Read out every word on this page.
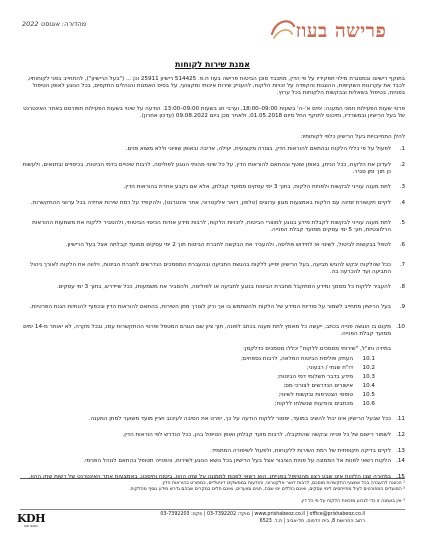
פרישה בעוז
מהדורה: אוגוסט 2022
אמנת שירות לקוחות
בתוקף רישיונו ובמסגרת מילוי תפקידיו על פי הדין, מתכבד סוכן הביטוח פרישה בעוז ח.פ. 514425 רישיון 25911 וכן ... ("בעל הרישיון"), להתחייב בפני לקוחותיו, לכבד את עקרונות השקיפות, ההוגנות והקפדה על זכויות הלקוח, להעניק שירות איכותי ומקצועי, על בסיס האמנות והנהלים התקפים, בכל הנוגע לאופן הטיפול בפניות, בטיפול בשאלות ובבקשות הלקוחות בכל ערוץ.
פרטי שעות הפעילות וזמני המענה: ימים א'–ה' בשעות 09:00–18:00, וערבי חג בשעות 09:00–13:00. הודעה על שינוי בשעות הפעילות תפורסם באתר האינטרנט של בעל הרישיון ובמשרדיו, ותיכנס לתוקף החל מיום 01.05.2018, ולאחר מכן ביום 09.08.2022 (עדכון אחרון).
להלן התחייבויות בעל הרישיון כלפי לקוחותיו:
1.
לפעול על פי כללי הלקוח ובהתאם להוראות הדין, בצורה מקצועית, יעילה, אדיבה ובאופן שוויוני וללא משוא פנים.
2.
לעדכן את הלקוח, ככל הניתן, באופן שוטף ובהתאם להוראות הדין, על כל שינוי מהותי הנוגע לפוליסה, לרבות שינויים בדמי הביטוח, בכיסויים ובתנאים, ולעשות כן תוך זמן סביר.
3.
לתת מענה ענייני לבקשות ולפניות הלקוח, בתוך 3 ימי עסקים ממועד קבלתן, אלא אם נקבע אחרת בהוראות הדין.
4.
לקיים תקשורת זמינה עם הלקוח באמצעות מגוון ערוצים (טלפון, דואר אלקטרוני, אתר אינטרנט), ולהקפיד על רמת שירות אחידה בכל ערוצי ההתקשרות.
5.
לתת מענה ענייני לבקשות לקבלת מידע בנוגע למוצרי הביטוח, לזכויות הלקוח, לרבות מידע אודות הכיסוי הביטוחי, ולהסביר ללקוח את משמעות ההוראות הרלוונטיות, תוך 5 ימי עסקים ממועד קבלת הפנייה.
6.
לטפל בבקשות לביטול, לשינוי או לחידוש פוליסה, ולהעביר את הבקשה לחברת הביטוח תוך 2 ימי עסקים ממועד קבלתה אצל בעל הרישיון.
7.
ככל שהלקוח יבקש להגיש תביעה, בעל הרישיון יסייע ללקוח בהגשת התביעה ובהעברת המסמכים הנדרשים לחברת הביטוח, וילווה את הלקוח לאורך ניהול התביעה ועד להכרעה בה.
8.
להעביר ללקוח כל מסמך ומידע המתקבל מחברת הביטוח בנוגע לתביעה או לפוליסה, ולהסביר את משמעותו, ככל שיידרש, בתוך 3 ימי עסקים.
9.
בעל הרישיון מתחייב לשמור על סודיות המידע של הלקוח ולהשתמש בו אך ורק לצורך מתן השירות, בהתאם להוראות הדין ובכפוף להנחיות הגנת הפרטיות.
10.
מקום בו הוגשה פנייה בכתב, ייעשה כל מאמץ לתת מענה בכתב לפונה, תוך ציון שם הגורם המטפל ופרטי ההתקשרות עמו, ובכל מקרה, לא יאוחר מ-14 ימים ממועד קבלת הפנייה.
במידה וחו"ל, "שירותי מסמכים ללקוח" יכללו מסמכים כדלקמן:
10.1
העתק פוליסת הביטוח המלאה, לרבות נספחים;
10.2
דו"ח שנתי / רבעוני;
10.3
מידע בדבר תשלומי דמי הביטוח;
10.4
אישורים הנדרשים לצורכי מס;
10.5
טופסי הצטרפות ובקשות לשינוי;
10.6
מכתבים והודעות שנשלחו ללקוח;
11.
ככל שבעל הרישיון אינו יכול להשיב במועד, ימסור ללקוח הודעה על כך, יפרט את הסיבה לעיכוב ויציין מועד משוער למתן המענה.
12.
לשמור רישום של כל פנייה ובקשה שהתקבלו, לרבות מועד קבלתן ואופן הטיפול בהן, ככל הנדרש לפי הוראות הדין.
13.
לקיים בדיקה תקופתית של רמת השירות ללקוחות, ולפעול לשיפורה המתמיד.
14.
הלקוח רשאי לפנות אל הממונה על פניות הציבור אצל בעל הרישיון בכל נושא הנוגע לשירות, והפנייה תטופל בהתאם לנוהל הפנימי.
15.
במקרה שבו הלקוח אינו שבע רצון מהטיפול בפנייתו, הוא רשאי לפנות לממונה על שוק ההון, ביטוח וחיסכון, באמצעות אתר האינטרנט של רשות שוק ההון.
¹ הכוונה להעברה בכל אמצעי התקשרות מוסכם, לרבות דואר אלקטרוני, והודעות בממשקים דיגיטליים, כמפורט בהוראות הדין.
² המועדים המפורטים לעיל מתייחסים לימי עסקים, ואינם כוללים ימי שבת, חגים ומועדים, ואינם חלים במקרים שבהם נדרש מידע נוסף מהלקוח.
³ אין באמנה זו כדי לגרוע מזכויות הלקוח על פי כל דין.
www.prishabeoz.co.il | office@prishabeoz.co.il | מוקד: 03-7392202 | פקס: 03-7392203
רחוב החרושת 8, בית הדפוס, תל-אביב | ת.ד. 6523
KDH
ISO 9001
